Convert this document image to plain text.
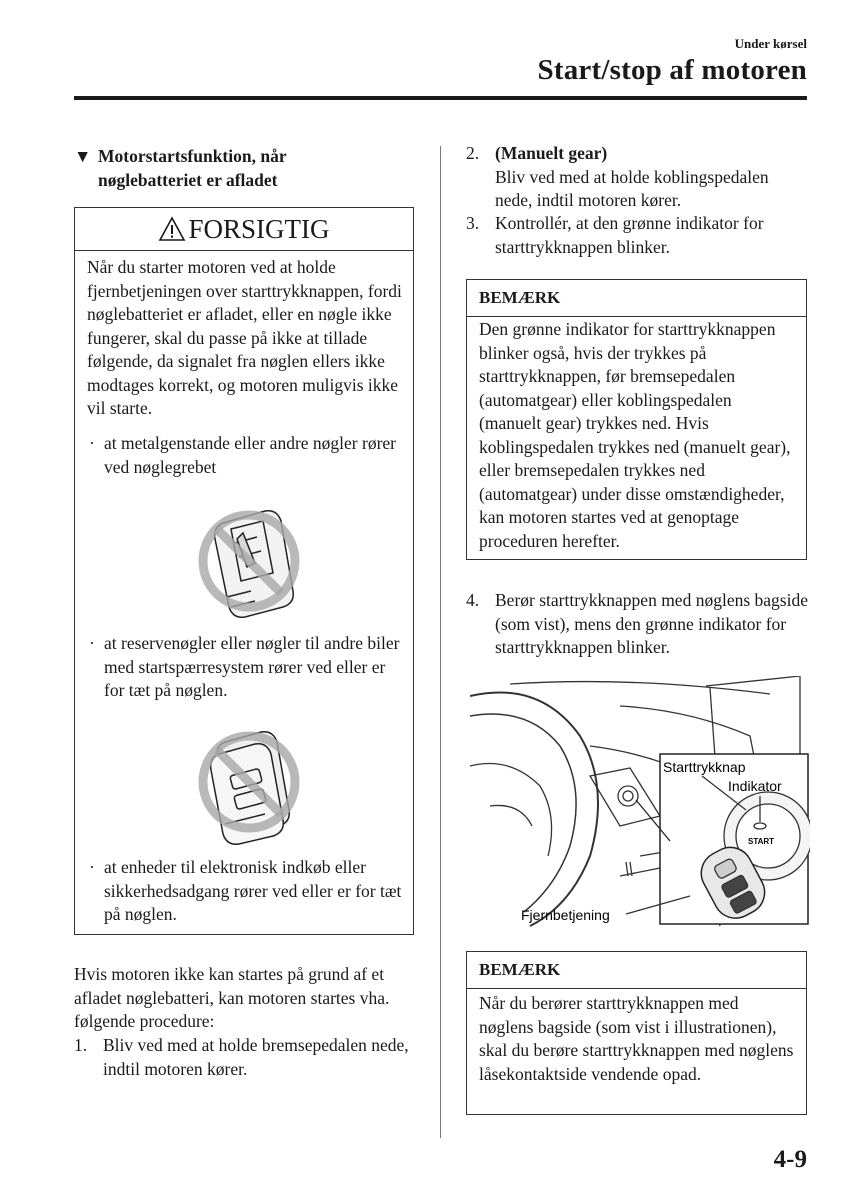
Under kørsel
Start/stop af motoren
▼ Motorstartsfunktion, når
nøglebatteriet er afladet
FORSIGTIG
Når du starter motoren ved at holde fjernbetjeningen over starttrykknappen, fordi nøglebatteriet er afladet, eller en nøgle ikke fungerer, skal du passe på ikke at tillade følgende, da signalet fra nøglen ellers ikke modtages korrekt, og motoren muligvis ikke vil starte.
· at metalgenstande eller andre nøgler rører ved nøglegrebet
· at reservenøgler eller nøgler til andre biler med startspærresystem rører ved eller er for tæt på nøglen.
· at enheder til elektronisk indkøb eller sikkerhedsadgang rører ved eller er for tæt på nøglen.
Hvis motoren ikke kan startes på grund af et afladet nøglebatteri, kan motoren startes vha. følgende procedure:
1. Bliv ved med at holde bremsepedalen nede, indtil motoren kører.
2. (Manuelt gear)
Bliv ved med at holde koblingspedalen nede, indtil motoren kører.
3. Kontrollér, at den grønne indikator for starttrykknappen blinker.
BEMÆRK
Den grønne indikator for starttrykknappen blinker også, hvis der trykkes på starttrykknappen, før bremsepedalen (automatgear) eller koblingspedalen (manuelt gear) trykkes ned. Hvis koblingspedalen trykkes ned (manuelt gear), eller bremsepedalen trykkes ned (automatgear) under disse omstændigheder, kan motoren startes ved at genoptage proceduren herefter.
4. Berør starttrykknappen med nøglens bagside (som vist), mens den grønne indikator for starttrykknappen blinker.
Starttrykknap
Indikator
Fjernbetjening
START
BEMÆRK
Når du berører starttrykknappen med nøglens bagside (som vist i illustrationen), skal du berøre starttrykknappen med nøglens låsekontaktside vendende opad.
4-9
